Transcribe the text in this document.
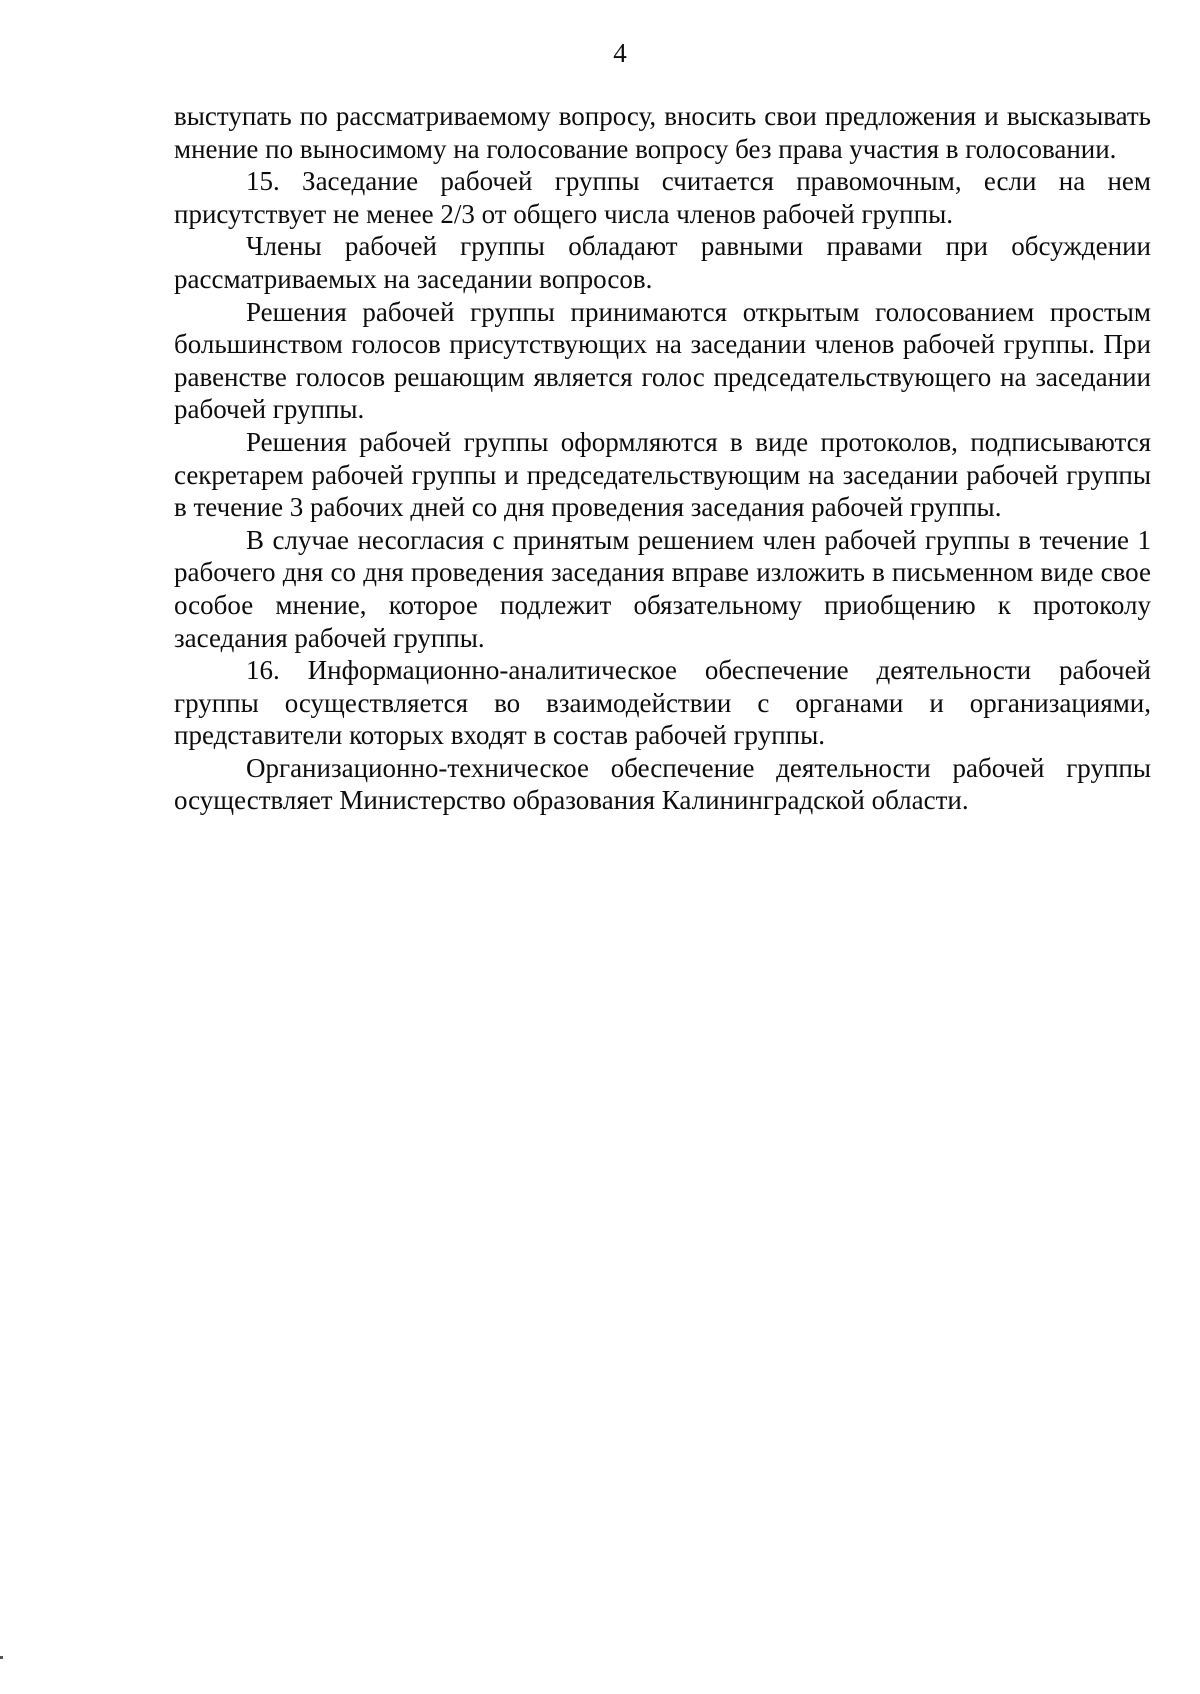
4

выступать по рассматриваемому вопросу, вносить свои предложения и высказывать мнение по выносимому на голосование вопросу без права участия в голосовании.

15. Заседание рабочей группы считается правомочным, если на нем присутствует не менее 2/3 от общего числа членов рабочей группы.

Члены рабочей группы обладают равными правами при обсуждении рассматриваемых на заседании вопросов.

Решения рабочей группы принимаются открытым голосованием простым большинством голосов присутствующих на заседании членов рабочей группы. При равенстве голосов решающим является голос председательствующего на заседании рабочей группы.

Решения рабочей группы оформляются в виде протоколов, подписываются секретарем рабочей группы и председательствующим на заседании рабочей группы в течение 3 рабочих дней со дня проведения заседания рабочей группы.

В случае несогласия с принятым решением член рабочей группы в течение 1 рабочего дня со дня проведения заседания вправе изложить в письменном виде свое особое мнение, которое подлежит обязательному приобщению к протоколу заседания рабочей группы.

16. Информационно-аналитическое обеспечение деятельности рабочей группы осуществляется во взаимодействии с органами и организациями, представители которых входят в состав рабочей группы.

Организационно-техническое обеспечение деятельности рабочей группы осуществляет Министерство образования Калининградской области.
